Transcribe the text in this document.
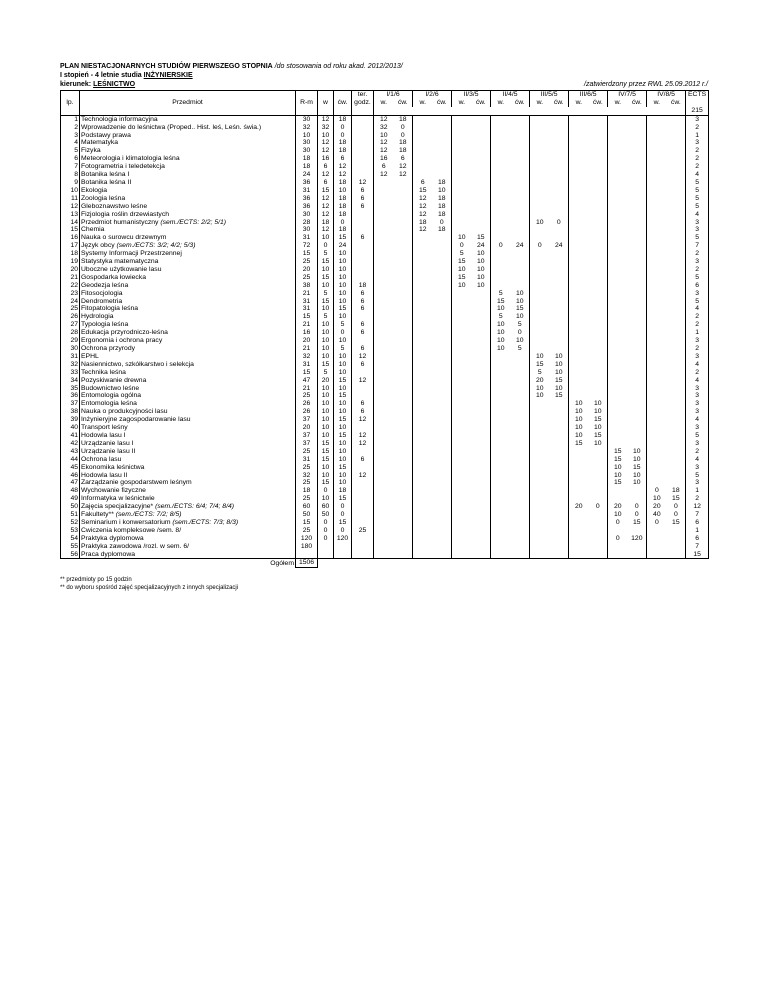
PLAN NIESTACJONARNYCH STUDIÓW PIERWSZEGO STOPNIA /do stosowania od roku akad. 2012/2013/
I stopień - 4 letnie studia INŻYNIERSKIE
kierunek: LEŚNICTWO	/zatwierdzony przez RWL 25.09.2012 r./
lp.	Przedmiot	R-m	w	ćw.	ter.	I/1/6		I/2/6		II/3/5		II/4/5		III/5/5		III/6/5		IV/7/5		IV/8/5		ECTS
					godz.	w.	ćw.	w.	ćw.	w.	ćw.	w.	ćw.	w.	ćw.	w.	ćw.	w.	ćw.	w.	ćw.	
																						215
1	Technologia informacyjna	30	12	18		12	18															3
2	Wprowadzenie do leśnictwa (Proped.. Hist. leś, Leśn. świa.)	32	32	0		32	0															2
3	Podstawy prawa	10	10	0		10	0															1
4	Matematyka	30	12	18		12	18															3
5	Fizyka	30	12	18		12	18															2
6	Meteorologia i klimatologia leśna	18	16	6		16	6															2
7	Fotogrametria i teledetekcja	18	6	12		6	12															2
8	Botanika leśna I	24	12	12		12	12															4
9	Botanika leśna II	36	6	18	12			6	18													5
10	Ekologia	31	15	10	6			15	10													5
11	Zoologia leśna	36	12	18	6			12	18													5
12	Gleboznawstwo leśne	36	12	18	6			12	18													5
13	Fizjologia roślin drzewiastych	30	12	18				12	18													4
14	Przedmiot humanistyczny (sem./ECTS: 2/2; 5/1)	28	18	0				18	0					10	0							3
15	Chemia	30	12	18				12	18													3
16	Nauka o surowcu drzewnym	31	10	15	6					10	15											5
17	Język obcy (sem./ECTS: 3/2; 4/2; 5/3)	72	0	24						0	24	0	24	0	24							7
18	Systemy Informacji Przestrzennej	15	5	10						5	10											2
19	Statystyka matematyczna	25	15	10						15	10											3
20	Uboczne użytkowanie lasu	20	10	10						10	10											2
21	Gospodarka łowiecka	25	15	10						15	10											5
22	Geodezja leśna	38	10	10	18					10	10											6
23	Fitosocjologia	21	5	10	6							5	10									3
24	Dendrometria	31	15	10	6							15	10									5
25	Fitopatologia leśna	31	10	15	6							10	15									4
26	Hydrologia	15	5	10								5	10									2
27	Typologia leśna	21	10	5	6							10	5									2
28	Edukacja przyrodniczo-leśna	16	10	0	6							10	0									1
29	Ergonomia i ochrona pracy	20	10	10								10	10									3
30	Ochrona przyrody	21	10	5	6							10	5									2
31	EPHL	32	10	10	12									10	10							3
32	Nasiennictwo, szkółkarstwo i selekcja	31	15	10	6									15	10							4
33	Technika leśna	15	5	10										5	10							2
34	Pozyskiwanie drewna	47	20	15	12									20	15							4
35	Budownictwo leśne	21	10	10										10	10							3
36	Entomologia ogólna	25	10	15										10	15							3
37	Entomologia leśna	26	10	10	6											10	10					3
38	Nauka o produkcyjności lasu	26	10	10	6											10	10					3
39	Inżynieryjne zagospodarowanie lasu	37	10	15	12											10	15					4
40	Transport leśny	20	10	10												10	10					3
41	Hodowla lasu I	37	10	15	12											10	15					5
42	Urządzanie lasu I	37	15	10	12											15	10					3
43	Urządzanie lasu II	25	15	10														15	10			2
44	Ochrona lasu	31	15	10	6													15	10			4
45	Ekonomika leśnictwa	25	10	15														10	15			3
46	Hodowla lasu II	32	10	10	12													10	10			5
47	Zarządzanie gospodarstwem leśnym	25	15	10														15	10			3
48	Wychowanie fizyczne	18	0	18																0	18	1
49	Informatyka w leśnictwie	25	10	15																10	15	2
50	Zajęcia specjalizacyjne* (sem./ECTS: 6/4; 7/4; 8/4)	60	60	0												20	0	20	0	20	0	12
51	Fakultety** (sem./ECTS: 7/2; 8/5)	50	50	0														10	0	40	0	7
52	Seminarium i konwersatorium (sem./ECTS: 7/3; 8/3)	15	0	15														0	15	0	15	6
53	Ćwiczenia kompleksowe /sem. 8/	25	0	0	25																	1
54	Praktyka dyplomowa	120	0	120														0	120			6
55	Praktyka zawodowa /rozl. w sem. 6/	180																				7
56	Praca dyplomowa																					15
Ogółem		1506																				
** przedmioty po 15 godzin
** do wyboru spośród zajęć specjalizacyjnych z innych specjalizacji
